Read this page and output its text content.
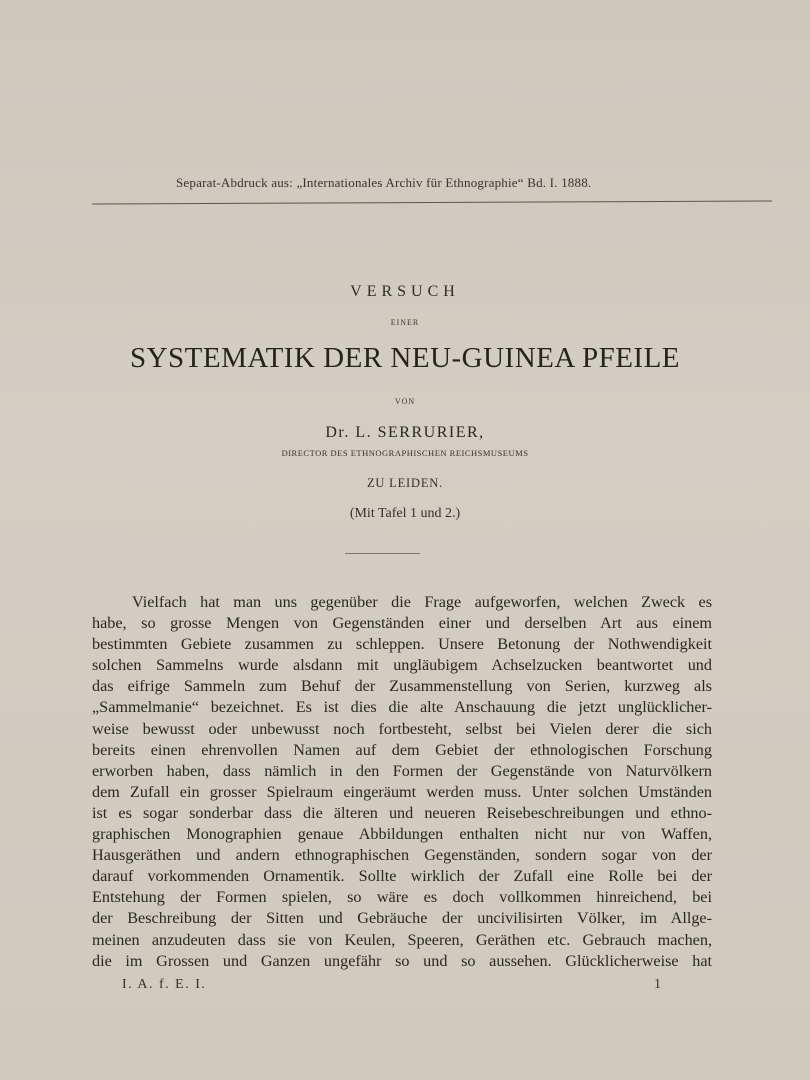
Separat-Abdruck aus: „Internationales Archiv für Ethnographie“ Bd. I. 1888.
VERSUCH
EINER
SYSTEMATIK DER NEU-GUINEA PFEILE
VON
Dr. L. SERRURIER,
DIRECTOR DES ETHNOGRAPHISCHEN REICHSMUSEUMS
ZU LEIDEN.
(Mit Tafel 1 und 2.)
Vielfach hat man uns gegenüber die Frage aufgeworfen, welchen Zweck es
habe, so grosse Mengen von Gegenständen einer und derselben Art aus einem
bestimmten Gebiete zusammen zu schleppen. Unsere Betonung der Nothwendigkeit
solchen Sammelns wurde alsdann mit ungläubigem Achselzucken beantwortet und
das eifrige Sammeln zum Behuf der Zusammenstellung von Serien, kurzweg als
„Sammelmanie“ bezeichnet. Es ist dies die alte Anschauung die jetzt unglücklicher-
weise bewusst oder unbewusst noch fortbesteht, selbst bei Vielen derer die sich
bereits einen ehrenvollen Namen auf dem Gebiet der ethnologischen Forschung
erworben haben, dass nämlich in den Formen der Gegenstände von Naturvölkern
dem Zufall ein grosser Spielraum eingeräumt werden muss. Unter solchen Umständen
ist es sogar sonderbar dass die älteren und neueren Reisebeschreibungen und ethno-
graphischen Monographien genaue Abbildungen enthalten nicht nur von Waffen,
Hausgeräthen und andern ethnographischen Gegenständen, sondern sogar von der
darauf vorkommenden Ornamentik. Sollte wirklich der Zufall eine Rolle bei der
Entstehung der Formen spielen, so wäre es doch vollkommen hinreichend, bei
der Beschreibung der Sitten und Gebräuche der uncivilisirten Völker, im Allge-
meinen anzudeuten dass sie von Keulen, Speeren, Geräthen etc. Gebrauch machen,
die im Grossen und Ganzen ungefähr so und so aussehen. Glücklicherweise hat
I. A. f. E. I.	1
